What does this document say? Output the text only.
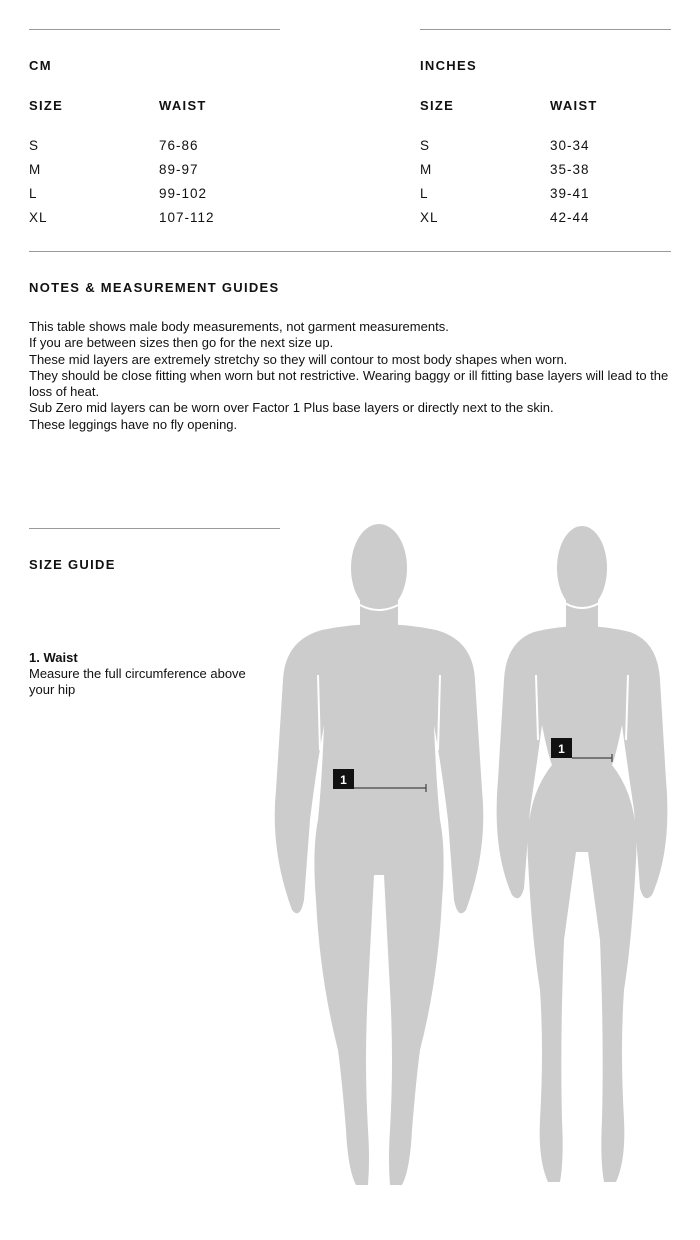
CM
SIZE	WAIST
S	76-86
M	89-97
L	99-102
XL	107-112
INCHES
SIZE	WAIST
S	30-34
M	35-38
L	39-41
XL	42-44
NOTES & MEASUREMENT GUIDES

This table shows male body measurements, not garment measurements.

If you are between sizes then go for the next size up.

These mid layers are extremely stretchy so they will contour to most body shapes when worn.

They should be close fitting when worn but not restrictive. Wearing baggy or ill fitting base layers will lead to the loss of heat.

Sub Zero mid layers can be worn over Factor 1 Plus base layers or directly next to the skin.

These leggings have no fly opening.

SIZE GUIDE
1. Waist
Measure the full circumference above your hip
1
1
